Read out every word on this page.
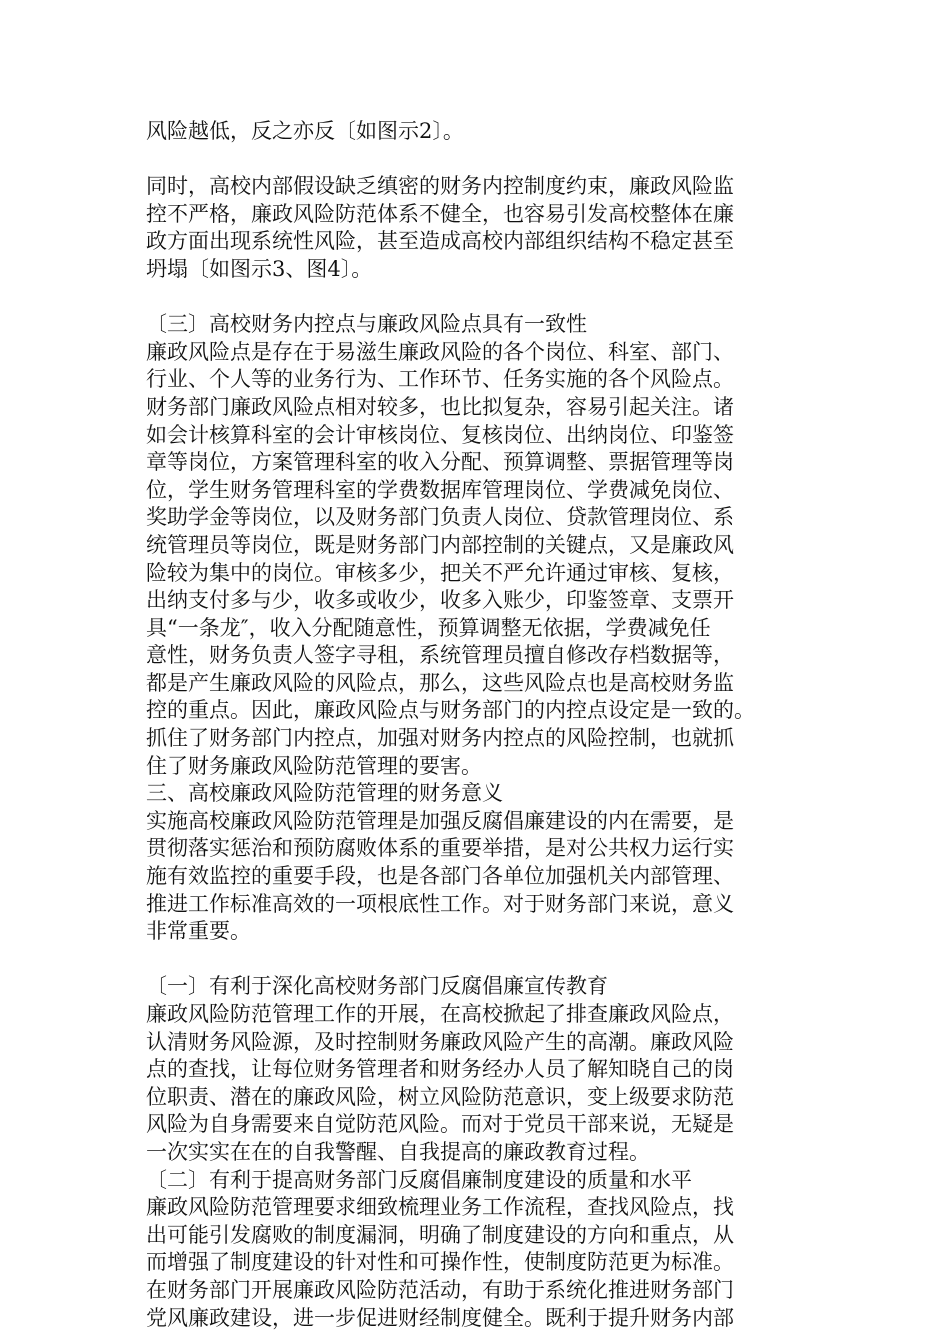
风险越低，反之亦反〔如图示2〕。
同时，高校内部假设缺乏缜密的财务内控制度约束，廉政风险监
控不严格，廉政风险防范体系不健全，也容易引发高校整体在廉
政方面出现系统性风险，甚至造成高校内部组织结构不稳定甚至
坍塌〔如图示3、图4〕。
〔三〕高校财务内控点与廉政风险点具有一致性
廉政风险点是存在于易滋生廉政风险的各个岗位、科室、部门、
行业、个人等的业务行为、工作环节、任务实施的各个风险点。
财务部门廉政风险点相对较多，也比拟复杂，容易引起关注。诸
如会计核算科室的会计审核岗位、复核岗位、出纳岗位、印鉴签
章等岗位，方案管理科室的收入分配、预算调整、票据管理等岗
位，学生财务管理科室的学费数据库管理岗位、学费减免岗位、
奖助学金等岗位，以及财务部门负责人岗位、贷款管理岗位、系
统管理员等岗位，既是财务部门内部控制的关键点，又是廉政风
险较为集中的岗位。审核多少，把关不严允许通过审核、复核，
出纳支付多与少，收多或收少，收多入账少，印鉴签章、支票开
具“一条龙″，收入分配随意性，预算调整无依据，学费减免任
意性，财务负责人签字寻租，系统管理员擅自修改存档数据等，
都是产生廉政风险的风险点，那么，这些风险点也是高校财务监
控的重点。因此，廉政风险点与财务部门的内控点设定是一致的。
抓住了财务部门内控点，加强对财务内控点的风险控制，也就抓
住了财务廉政风险防范管理的要害。
三、高校廉政风险防范管理的财务意义
实施高校廉政风险防范管理是加强反腐倡廉建设的内在需要，是
贯彻落实惩治和预防腐败体系的重要举措，是对公共权力运行实
施有效监控的重要手段，也是各部门各单位加强机关内部管理、
推进工作标准高效的一项根底性工作。对于财务部门来说，意义
非常重要。
〔一〕有利于深化高校财务部门反腐倡廉宣传教育
廉政风险防范管理工作的开展，在高校掀起了排查廉政风险点，
认清财务风险源，及时控制财务廉政风险产生的高潮。廉政风险
点的查找，让每位财务管理者和财务经办人员了解知晓自己的岗
位职责、潜在的廉政风险，树立风险防范意识，变上级要求防范
风险为自身需要来自觉防范风险。而对于党员干部来说，无疑是
一次实实在在的自我警醒、自我提高的廉政教育过程。
〔二〕有利于提高财务部门反腐倡廉制度建设的质量和水平
廉政风险防范管理要求细致梳理业务工作流程，查找风险点，找
出可能引发腐败的制度漏洞，明确了制度建设的方向和重点，从
而增强了制度建设的针对性和可操作性，使制度防范更为标准。
在财务部门开展廉政风险防范活动，有助于系统化推进财务部门
党风廉政建设，进一步促进财经制度健全。既利于提升财务内部
